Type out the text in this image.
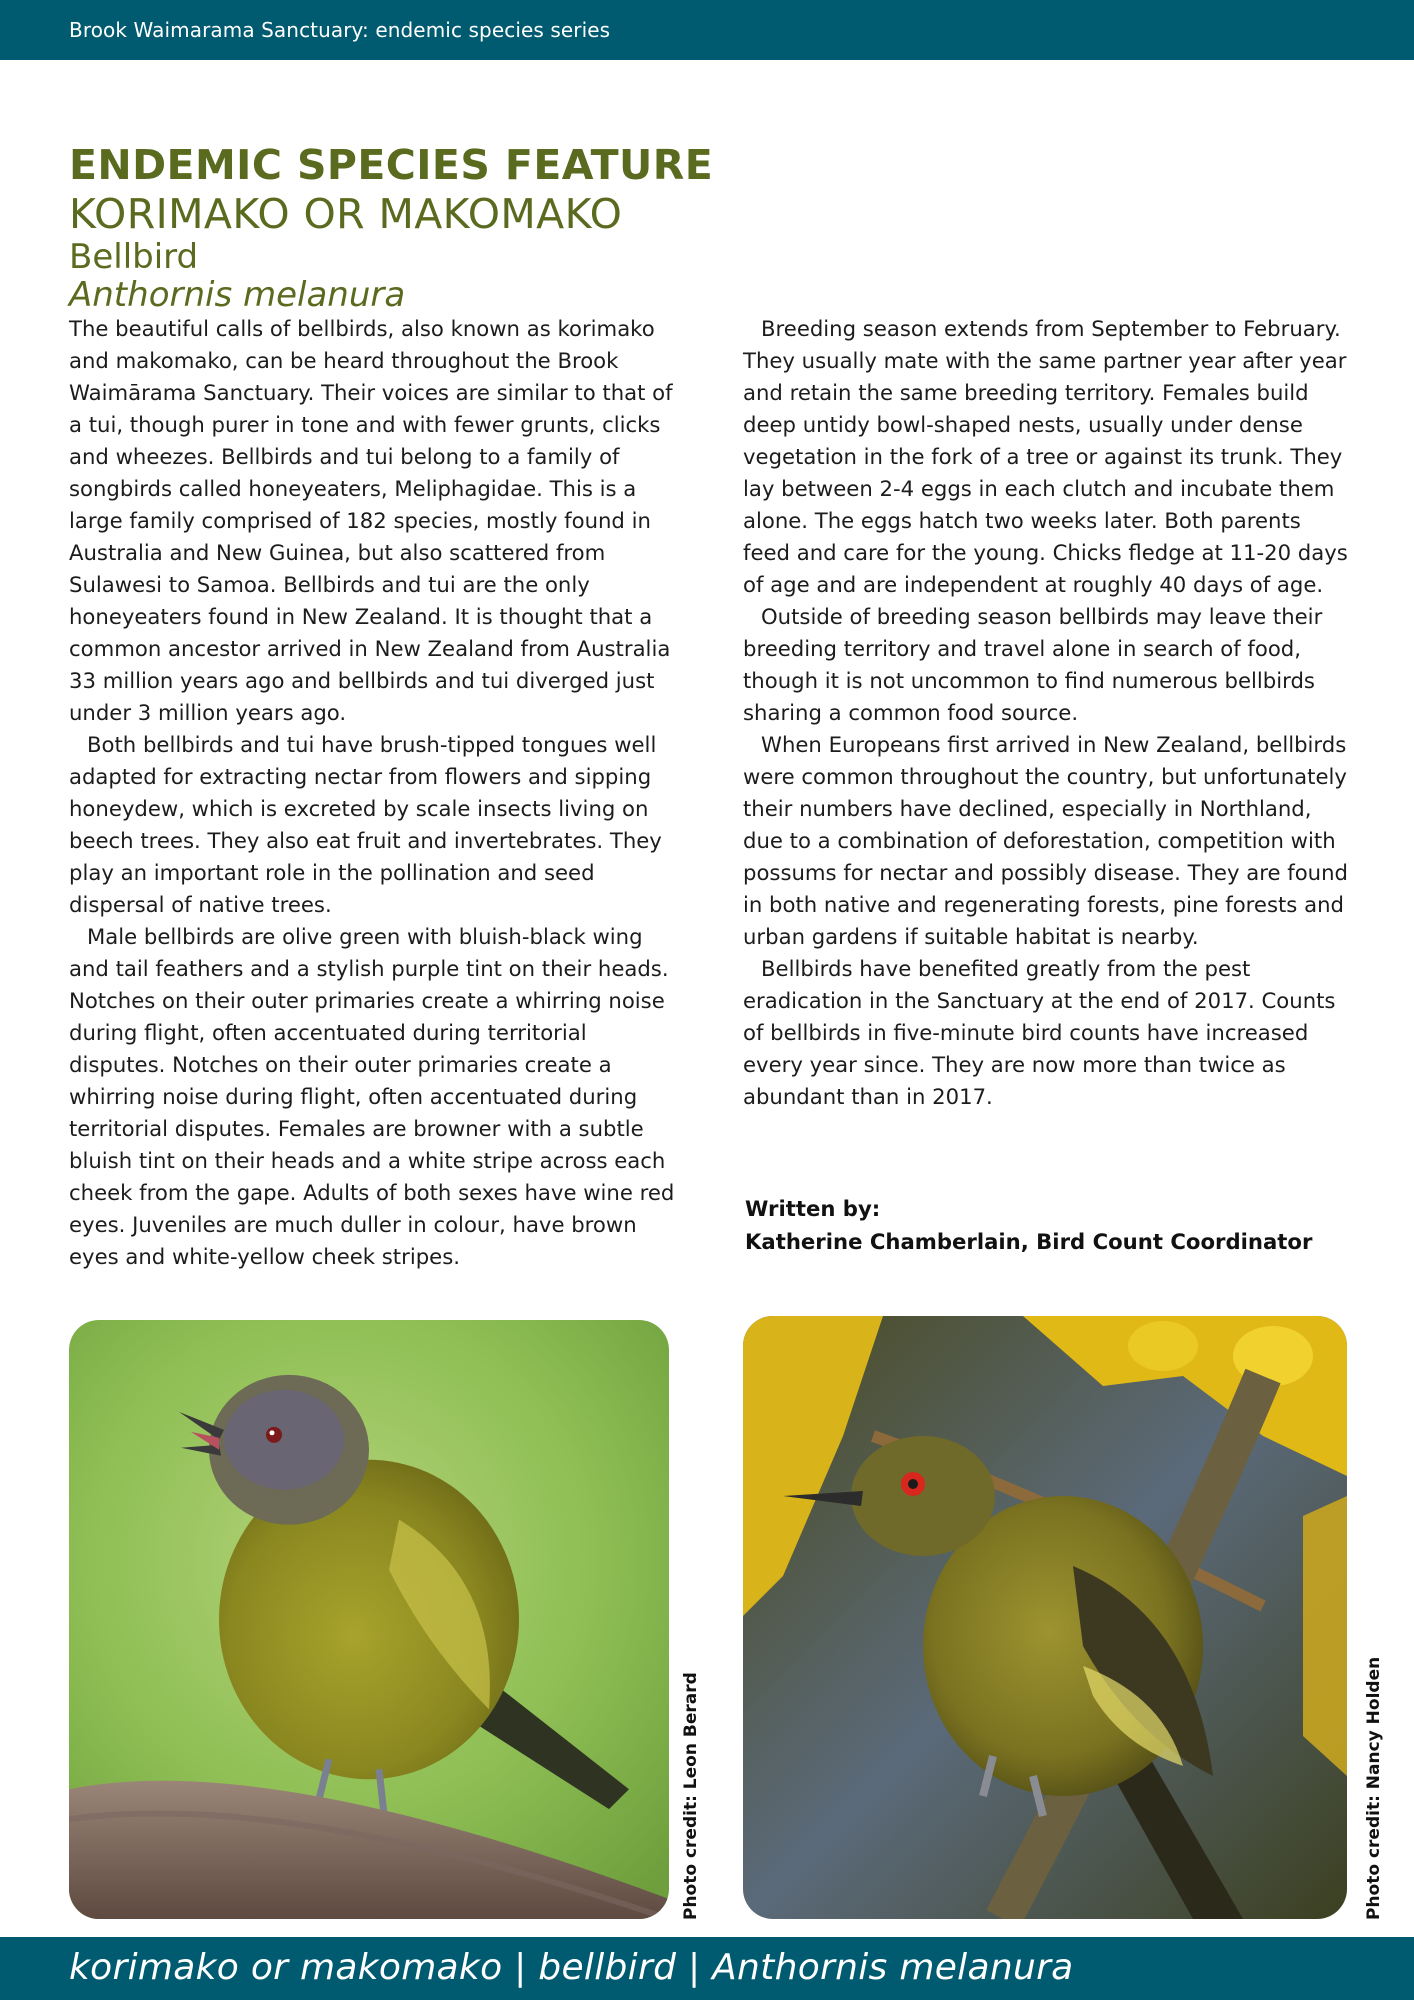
Brook Waimarama Sanctuary: endemic species series
ENDEMIC SPECIES FEATURE
KORIMAKO OR MAKOMAKO
Bellbird
Anthornis melanura

The beautiful calls of bellbirds, also known as korimako and makomako, can be heard throughout the Brook Waimārama Sanctuary. Their voices are similar to that of a tui, though purer in tone and with fewer grunts, clicks and wheezes. Bellbirds and tui belong to a family of songbirds called honeyeaters, Meliphagidae. This is a large family comprised of 182 species, mostly found in Australia and New Guinea, but also scattered from Sulawesi to Samoa. Bellbirds and tui are the only honeyeaters found in New Zealand. It is thought that a common ancestor arrived in New Zealand from Australia 33 million years ago and bellbirds and tui diverged just under 3 million years ago.

Both bellbirds and tui have brush-tipped tongues well adapted for extracting nectar from flowers and sipping honeydew, which is excreted by scale insects living on beech trees. They also eat fruit and invertebrates. They play an important role in the pollination and seed dispersal of native trees.

Male bellbirds are olive green with bluish-black wing and tail feathers and a stylish purple tint on their heads. Notches on their outer primaries create a whirring noise during flight, often accentuated during territorial disputes. Notches on their outer primaries create a whirring noise during flight, often accentuated during territorial disputes. Females are browner with a subtle bluish tint on their heads and a white stripe across each cheek from the gape. Adults of both sexes have wine red eyes. Juveniles are much duller in colour, have brown eyes and white-yellow cheek stripes.

Breeding season extends from September to February. They usually mate with the same partner year after year and retain the same breeding territory. Females build deep untidy bowl-shaped nests, usually under dense vegetation in the fork of a tree or against its trunk. They lay between 2-4 eggs in each clutch and incubate them alone. The eggs hatch two weeks later. Both parents feed and care for the young. Chicks fledge at 11-20 days of age and are independent at roughly 40 days of age.

Outside of breeding season bellbirds may leave their breeding territory and travel alone in search of food, though it is not uncommon to find numerous bellbirds sharing a common food source.

When Europeans first arrived in New Zealand, bellbirds were common throughout the country, but unfortunately their numbers have declined, especially in Northland, due to a combination of deforestation, competition with possums for nectar and possibly disease. They are found in both native and regenerating forests, pine forests and urban gardens if suitable habitat is nearby.

Bellbirds have benefited greatly from the pest eradication in the Sanctuary at the end of 2017. Counts of bellbirds in five-minute bird counts have increased every year since. They are now more than twice as abundant than in 2017.

Written by:
Katherine Chamberlain, Bird Count Coordinator
Photo credit: Leon Berard	Photo credit: Nancy Holden
korimako or makomako | bellbird | Anthornis melanura
